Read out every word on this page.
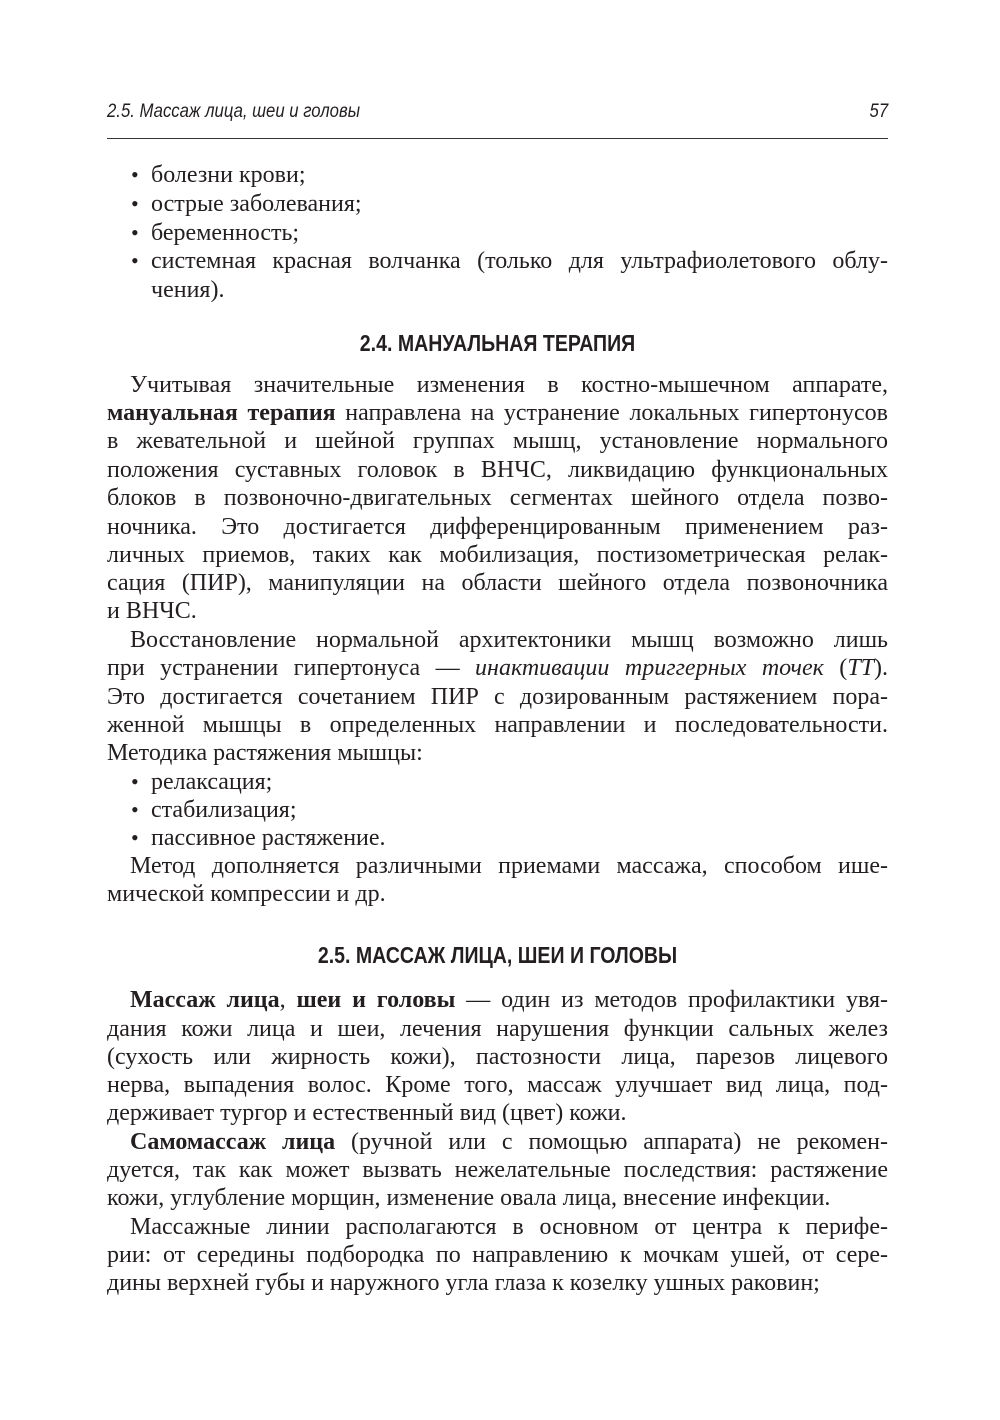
2.5. Массаж лица, шеи и головы	57
• болезни крови;
• острые заболевания;
• беременность;
• системная красная волчанка (только для ультрафиолетового облу-
чения).
2.4. МАНУАЛЬНАЯ ТЕРАПИЯ
Учитывая значительные изменения в костно-мышечном аппарате,
мануальная терапия направлена на устранение локальных гипертонусов
в жевательной и шейной группах мышц, установление нормального
положения суставных головок в ВНЧС, ликвидацию функциональных
блоков в позвоночно-двигательных сегментах шейного отдела позво-
ночника. Это достигается дифференцированным применением раз-
личных приемов, таких как мобилизация, постизометрическая релак-
сация (ПИР), манипуляции на области шейного отдела позвоночника
и ВНЧС.
Восстановление нормальной архитектоники мышц возможно лишь
при устранении гипертонуса — инактивации триггерных точек (ТТ).
Это достигается сочетанием ПИР с дозированным растяжением пора-
женной мышцы в определенных направлении и последовательности.
Методика растяжения мышцы:
• релаксация;
• стабилизация;
• пассивное растяжение.
Метод дополняется различными приемами массажа, способом ише-
мической компрессии и др.
2.5. МАССАЖ ЛИЦА, ШЕИ И ГОЛОВЫ
Массаж лица, шеи и головы — один из методов профилактики увя-
дания кожи лица и шеи, лечения нарушения функции сальных желез
(сухость или жирность кожи), пастозности лица, парезов лицевого
нерва, выпадения волос. Кроме того, массаж улучшает вид лица, под-
держивает тургор и естественный вид (цвет) кожи.
Самомассаж лица (ручной или с помощью аппарата) не рекомен-
дуется, так как может вызвать нежелательные последствия: растяжение
кожи, углубление морщин, изменение овала лица, внесение инфекции.
Массажные линии располагаются в основном от центра к перифе-
рии: от середины подбородка по направлению к мочкам ушей, от сере-
дины верхней губы и наружного угла глаза к козелку ушных раковин;
